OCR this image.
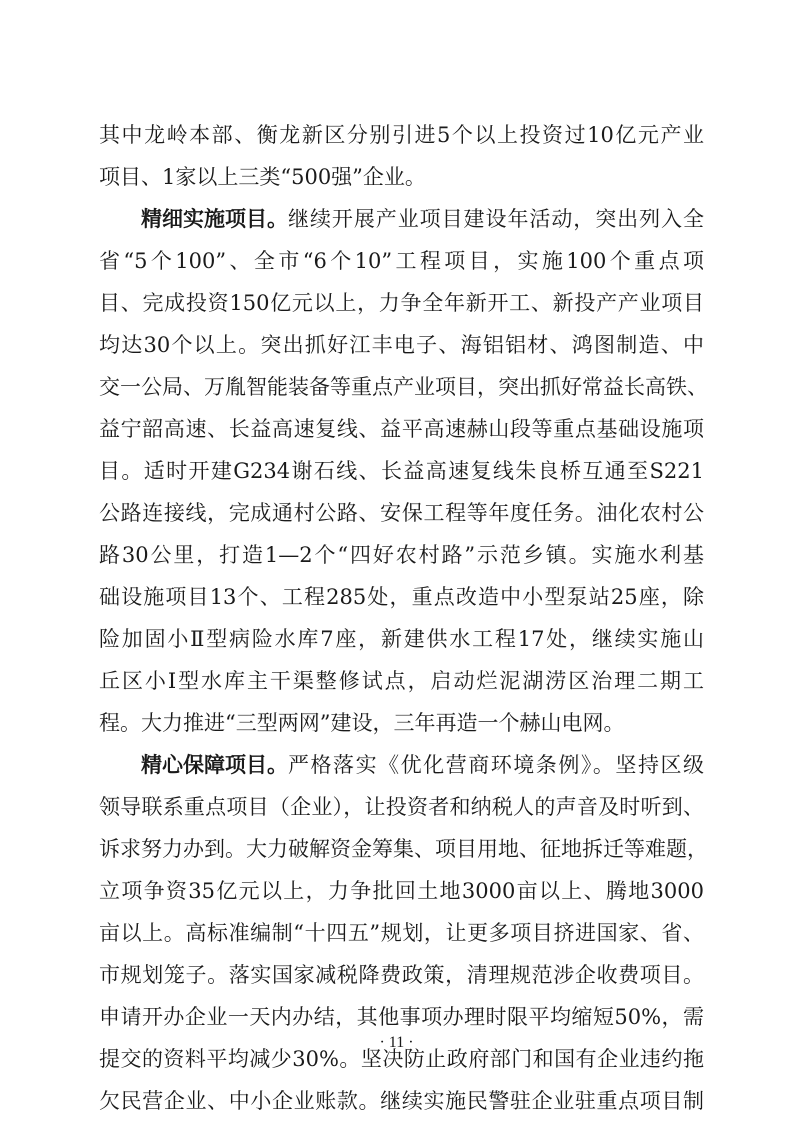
其中龙岭本部、衡龙新区分别引进5个以上投资过10亿元产业
项目、1家以上三类“500强”企业。
精细实施项目。 继续开展产业项目建设年活动，突出列入全
省“5个100”、全市“6个10”工程项目，实施100个重点项
目、完成投资150亿元以上，力争全年新开工、新投产产业项目
均达30个以上。突出抓好江丰电子、海铝铝材、鸿图制造、中
交一公局、万胤智能装备等重点产业项目，突出抓好常益长高铁、
益宁韶高速、长益高速复线、益平高速赫山段等重点基础设施项
目。适时开建G234谢石线、长益高速复线朱良桥互通至S221
公路连接线，完成通村公路、安保工程等年度任务。油化农村公
路30公里，打造1—2个“四好农村路”示范乡镇。实施水利基
础设施项目13个、工程285处，重点改造中小型泵站25座，除
险加固小Ⅱ型病险水库7座，新建供水工程17处，继续实施山
丘区小Ⅰ型水库主干渠整修试点，启动烂泥湖涝区治理二期工
程。大力推进“三型两网”建设，三年再造一个赫山电网。
精心保障项目。 严格落实《优化营商环境条例》。坚持区级
领导联系重点项目（企业），让投资者和纳税人的声音及时听到、
诉求努力办到。大力破解资金筹集、项目用地、征地拆迁等难题，
立项争资35亿元以上，力争批回土地3000亩以上、腾地3000
亩以上。高标准编制“十四五”规划，让更多项目挤进国家、省、
市规划笼子。落实国家减税降费政策，清理规范涉企收费项目。
申请开办企业一天内办结，其他事项办理时限平均缩短50%，需
提交的资料平均减少30%。坚决防止政府部门和国有企业违约拖
欠民营企业、中小企业账款。继续实施民警驻企业驻重点项目制
· 11 ·
